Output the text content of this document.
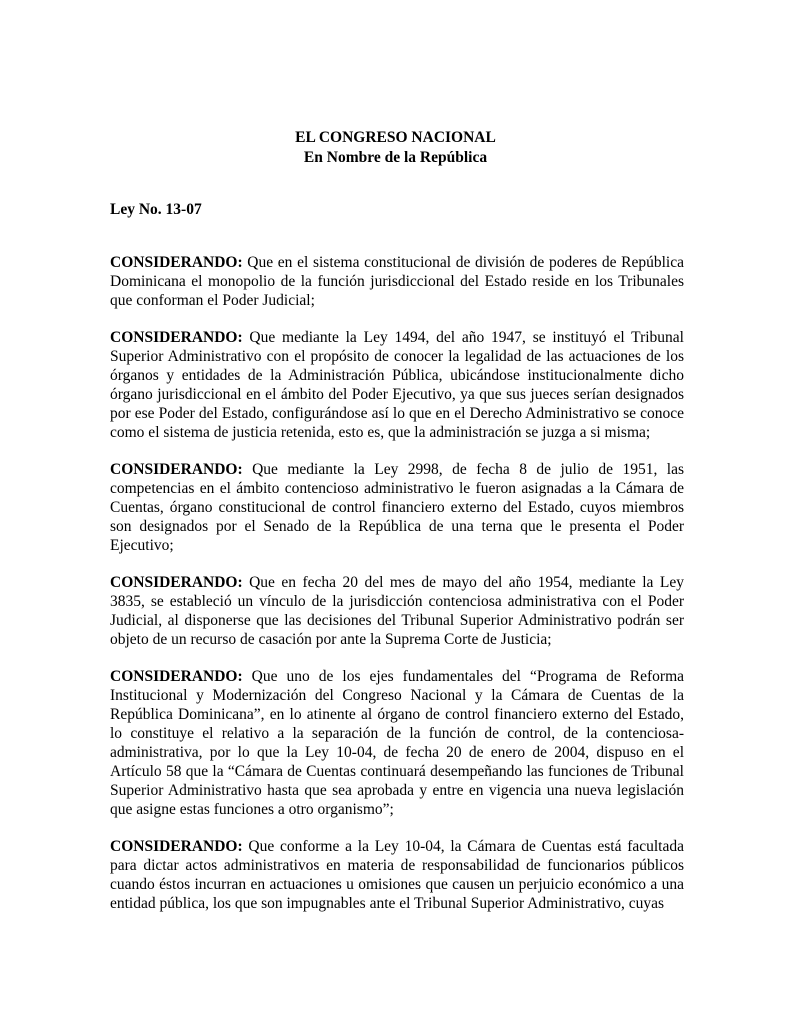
EL CONGRESO NACIONAL
En Nombre de la República
Ley No. 13-07

CONSIDERANDO: Que en el sistema constitucional de división de poderes de República Dominicana el monopolio de la función jurisdiccional del Estado reside en los Tribunales que conforman el Poder Judicial;

CONSIDERANDO: Que mediante la Ley 1494, del año 1947, se instituyó el Tribunal Superior Administrativo con el propósito de conocer la legalidad de las actuaciones de los órganos y entidades de la Administración Pública, ubicándose institucionalmente dicho órgano jurisdiccional en el ámbito del Poder Ejecutivo, ya que sus jueces serían designados por ese Poder del Estado, configurándose así lo que en el Derecho Administrativo se conoce como el sistema de justicia retenida, esto es, que la administración se juzga a si misma;

CONSIDERANDO: Que mediante la Ley 2998, de fecha 8 de julio de 1951, las competencias en el ámbito contencioso administrativo le fueron asignadas a la Cámara de Cuentas, órgano constitucional de control financiero externo del Estado, cuyos miembros son designados por el Senado de la República de una terna que le presenta el Poder Ejecutivo;

CONSIDERANDO: Que en fecha 20 del mes de mayo del año 1954, mediante la Ley 3835, se estableció un vínculo de la jurisdicción contenciosa administrativa con el Poder Judicial, al disponerse que las decisiones del Tribunal Superior Administrativo podrán ser objeto de un recurso de casación por ante la Suprema Corte de Justicia;

CONSIDERANDO: Que uno de los ejes fundamentales del “Programa de Reforma Institucional y Modernización del Congreso Nacional y la Cámara de Cuentas de la República Dominicana”, en lo atinente al órgano de control financiero externo del Estado, lo constituye el relativo a la separación de la función de control, de la contenciosa-administrativa, por lo que la Ley 10-04, de fecha 20 de enero de 2004, dispuso en el Artículo 58 que la “Cámara de Cuentas continuará desempeñando las funciones de Tribunal Superior Administrativo hasta que sea aprobada y entre en vigencia una nueva legislación que asigne estas funciones a otro organismo”;

CONSIDERANDO: Que conforme a la Ley 10-04, la Cámara de Cuentas está facultada para dictar actos administrativos en materia de responsabilidad de funcionarios públicos cuando éstos incurran en actuaciones u omisiones que causen un perjuicio económico a una entidad pública, los que son impugnables ante el Tribunal Superior Administrativo, cuyas
